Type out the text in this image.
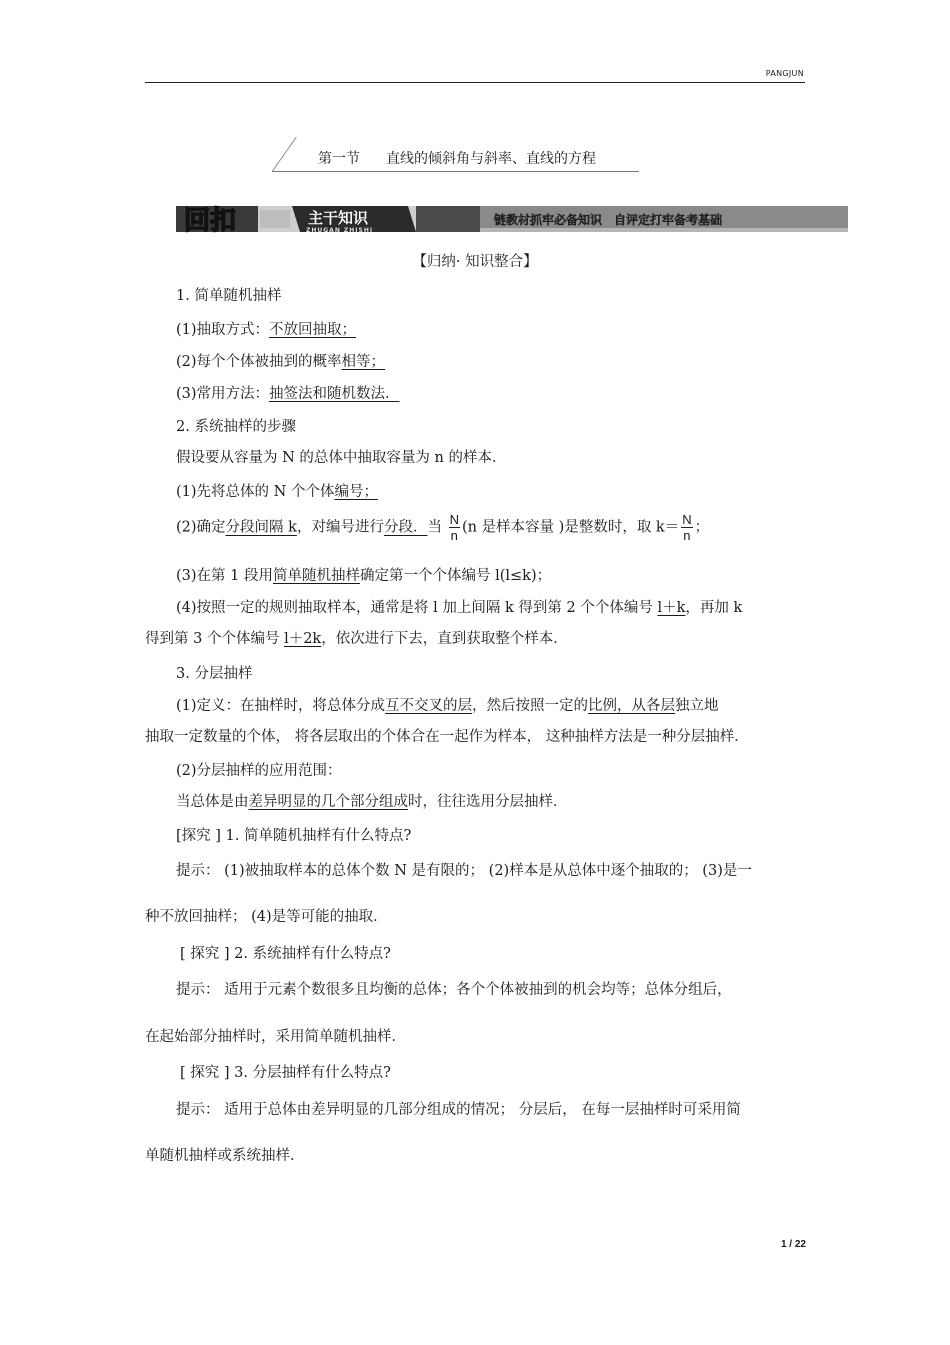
PANGJUN
第一节 直线的倾斜角与斜率、直线的方程
回扣	主干知识
ZHUGAN ZHISHI
链教材抓牢必备知识　自评定打牢备考基础
【归纳· 知识整合】
1. 简单随机抽样
(1)抽取方式：不放回抽取；
(2)每个个体被抽到的概率相等；
(3)常用方法：抽签法和随机数法．
2. 系统抽样的步骤
假设要从容量为 N 的总体中抽取容量为 n 的样本．
(1)先将总体的 N 个个体编号；
(2)确定分段间隔 k，对编号进行分段．当 $\frac{N}{n} (n$ 是样本容量 )是整数时，取 $k= \frac{N}{n}$ ；
(3)在第 1 段用简单随机抽样确定第一个个体编号 l(l≤k)；
(4)按照一定的规则抽取样本，通常是将 l 加上间隔 k 得到第 2 个个体编号 l＋k，再加 k
得到第 3 个个体编号 l＋2k，依次进行下去，直到获取整个样本．
3. 分层抽样
(1)定义：在抽样时，将总体分成互不交叉的层，然后按照一定的比例，从各层独立地
抽取一定数量的个体， 将各层取出的个体合在一起作为样本， 这种抽样方法是一种分层抽样．
(2)分层抽样的应用范围：
当总体是由差异明显的几个部分组成时，往往选用分层抽样．
[探究 ] 1. 简单随机抽样有什么特点?
提示： (1)被抽取样本的总体个数 N 是有限的； (2)样本是从总体中逐个抽取的； (3)是一
种不放回抽样； (4)是等可能的抽取．
[ 探究 ] 2. 系统抽样有什么特点?
提示： 适用于元素个数很多且均衡的总体；各个个体被抽到的机会均等；总体分组后，
在起始部分抽样时，采用简单随机抽样．
[ 探究 ] 3. 分层抽样有什么特点?
提示： 适用于总体由差异明显的几部分组成的情况； 分层后， 在每一层抽样时可采用简
单随机抽样或系统抽样．
1 / 22
